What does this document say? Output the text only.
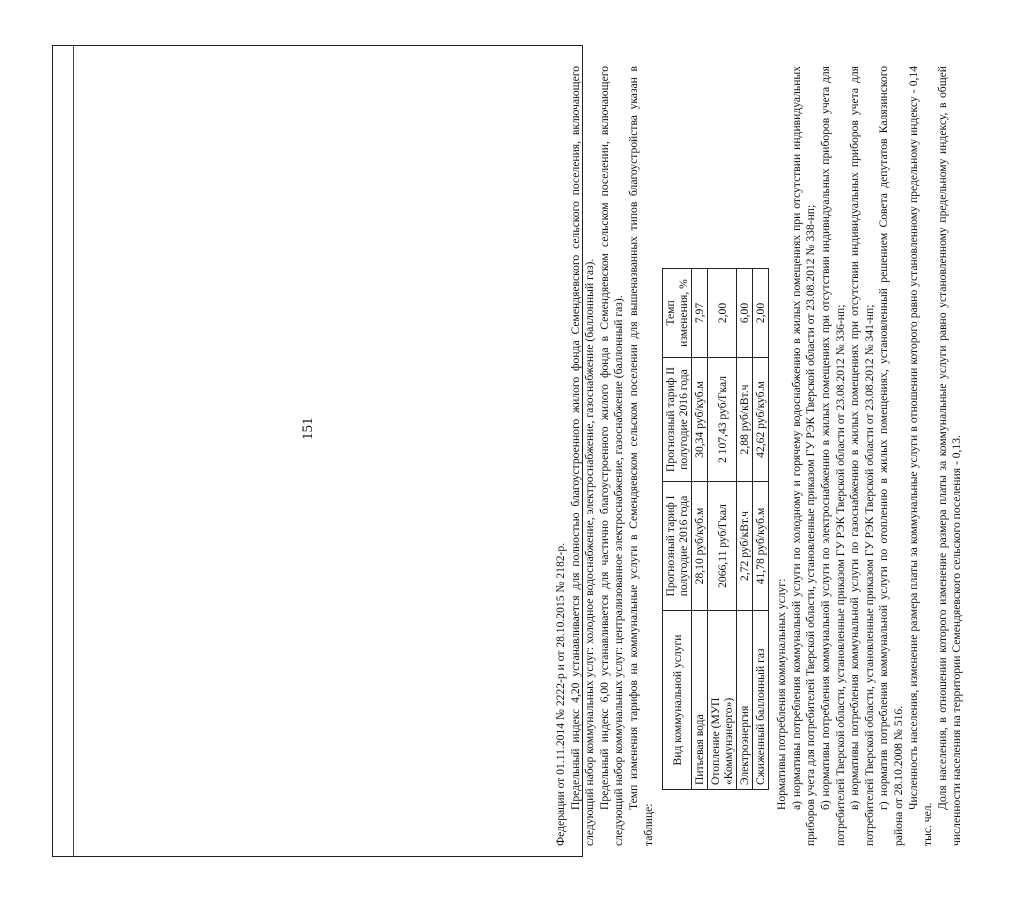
151

Федерации от 01.11.2014 № 2222-р и от 28.10.2015 № 2182-р. Предельный индекс 4,20 устанавливается для полностью благоустроенного жилого фонда Семендяевского сельского поселения, включающего следующий набор коммунальных услуг: холодное водоснабжение, электроснабжение, газоснабжение (баллонный газ). Предельный индекс 6,00 устанавливается для частично благоустроенного жилого фонда в Семендяевском сельском поселении, включающего следующий набор коммунальных услуг: централизованное электроснабжение, газоснабжение (баллонный газ). Темп изменения тарифов на коммунальные услуги в Семендяевском сельском поселении для вышеназванных типов благоустройства указан в таблице:

Вид коммунальной услуги	Прогнозный тариф I полугодие 2016 года	Прогнозный тариф II полугодие 2016 года	Темп изменения, %
Питьевая вода	28,10 руб/куб.м	30,34 руб/куб.м	7,97
Отопление (МУП «Коммунэнерго»)	2066,11 руб/Гкал	2 107,43 руб/Гкал	2,00
Электроэнергия	2,72 руб/кВт.ч	2,88 руб/кВт.ч	6,00
Сжиженный баллонный газ	41,78 руб/куб.м	42,62 руб/куб.м	2,00

Нормативы потребления коммунальных услуг: а) нормативы потребления коммунальной услуги по холодному и горячему водоснабжению в жилых помещениях при отсутствии индивидуальных приборов учета для потребителей Тверской области, установленные приказом ГУ РЭК Тверской области от 23.08.2012 № 338-нп; б) нормативы потребления коммунальной услуги по электроснабжению в жилых помещениях при отсутствии индивидуальных приборов учета для потребителей Тверской области, установленные приказом ГУ РЭК Тверской области от 23.08.2012 № 336-нп; в) нормативы потребления коммунальной услуги по газоснабжению в жилых помещениях при отсутствии индивидуальных приборов учета для потребителей Тверской области, установленные приказом ГУ РЭК Тверской области от 23.08.2012 № 341-нп; г) норматив потребления коммунальной услуги по отоплению в жилых помещениях, установленный решением Совета депутатов Калязинского района от 28.10.2008 № 516. Численность населения, изменение размера платы за коммунальные услуги в отношении которого равно установленному предельному индексу - 0,14 тыс. чел.

Доля населения, в отношении которого изменение размера платы за коммунальные услуги равно установленному предельному индексу, в общей численности населения на территории Семендяевского сельского поселения - 0,13.
